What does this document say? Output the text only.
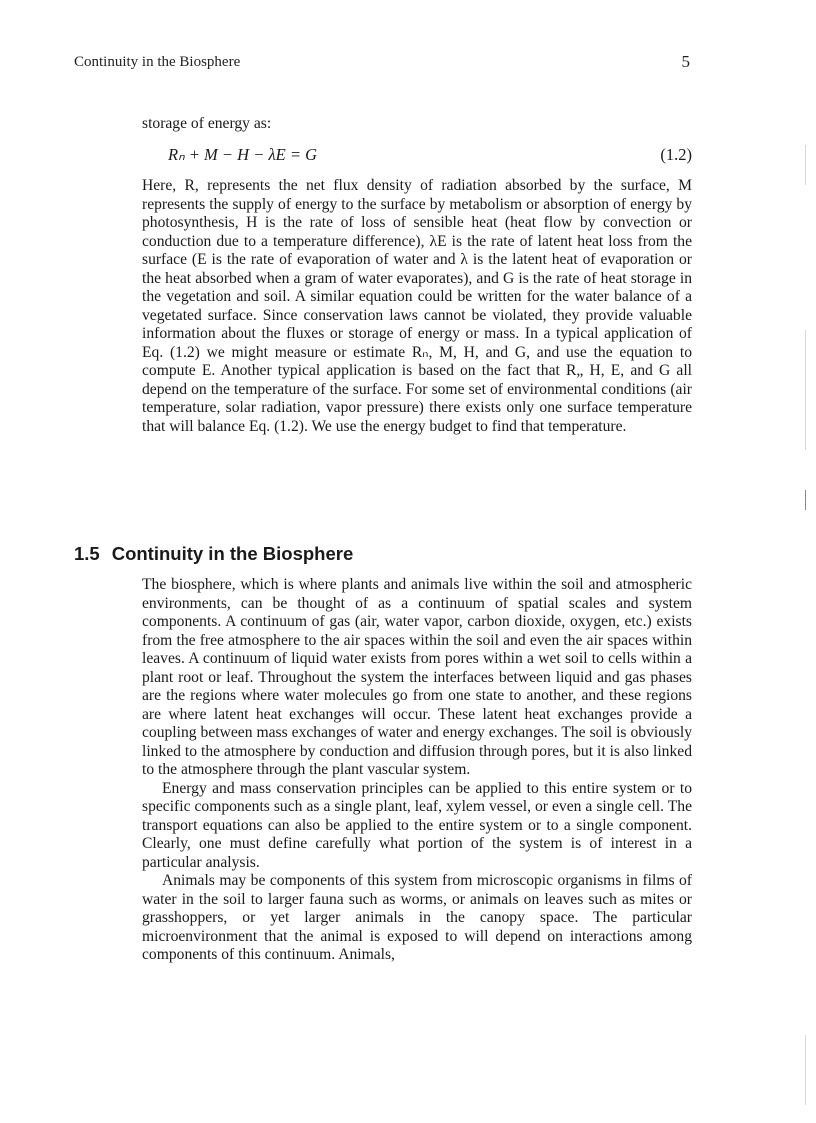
Continuity in the Biosphere	5
storage of energy as:
Rₙ + M − H − λE = G	(1.2)
Here, R, represents the net flux density of radiation absorbed by the surface, M represents the supply of energy to the surface by metabolism or absorption of energy by photosynthesis, H is the rate of loss of sensible heat (heat flow by convection or conduction due to a temperature difference), λE is the rate of latent heat loss from the surface (E is the rate of evaporation of water and λ is the latent heat of evaporation or the heat absorbed when a gram of water evaporates), and G is the rate of heat storage in the vegetation and soil. A similar equation could be written for the water balance of a vegetated surface. Since conservation laws cannot be violated, they provide valuable information about the fluxes or storage of energy or mass. In a typical application of Eq. (1.2) we might measure or estimate Rₙ, M, H, and G, and use the equation to compute E. Another typical application is based on the fact that R„ H, E, and G all depend on the temperature of the surface. For some set of environmental conditions (air temperature, solar radiation, vapor pressure) there exists only one surface temperature that will balance Eq. (1.2). We use the energy budget to find that temperature.
1.5 Continuity in the Biosphere

The biosphere, which is where plants and animals live within the soil and atmospheric environments, can be thought of as a continuum of spatial scales and system components. A continuum of gas (air, water vapor, carbon dioxide, oxygen, etc.) exists from the free atmosphere to the air spaces within the soil and even the air spaces within leaves. A continuum of liquid water exists from pores within a wet soil to cells within a plant root or leaf. Throughout the system the interfaces between liquid and gas phases are the regions where water molecules go from one state to another, and these regions are where latent heat exchanges will occur. These latent heat exchanges provide a coupling between mass exchanges of water and energy exchanges. The soil is obviously linked to the atmosphere by conduction and diffusion through pores, but it is also linked to the atmosphere through the plant vascular system.

Energy and mass conservation principles can be applied to this entire system or to specific components such as a single plant, leaf, xylem vessel, or even a single cell. The transport equations can also be applied to the entire system or to a single component. Clearly, one must define carefully what portion of the system is of interest in a particular analysis.

Animals may be components of this system from microscopic organisms in films of water in the soil to larger fauna such as worms, or animals on leaves such as mites or grasshoppers, or yet larger animals in the canopy space. The particular microenvironment that the animal is exposed to will depend on interactions among components of this continuum. Animals,
